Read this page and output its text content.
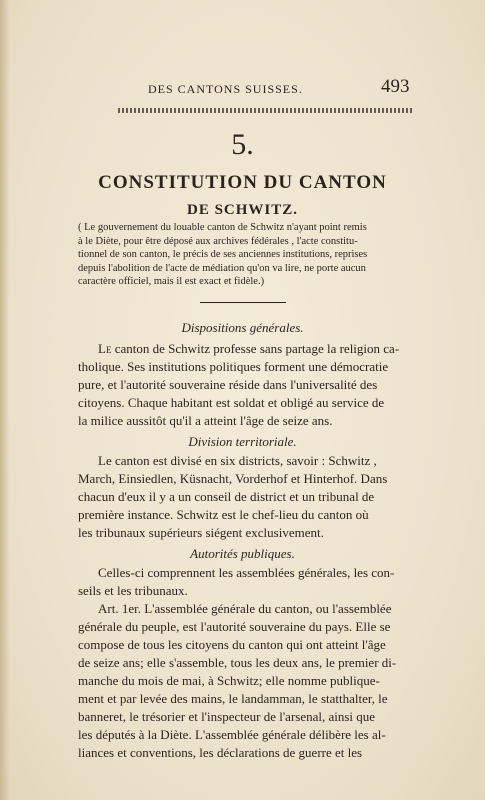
DES CANTONS SUISSES.	493
5.
CONSTITUTION DU CANTON
DE SCHWITZ.
( Le gouvernement du louable canton de Schwitz n'ayant point remis
à le Diète, pour être déposé aux archives fédérales , l'acte constitu-
tionnel de son canton, le précis de ses anciennes institutions, reprises
depuis l'abolition de l'acte de médiation qu'on va lire, ne porte aucun
caractère officiel, mais il est exact et fidèle.)
Dispositions générales.
Le canton de Schwitz professe sans partage la religion ca-
tholique. Ses institutions politiques forment une démocratie
pure, et l'autorité souveraine réside dans l'universalité des
citoyens. Chaque habitant est soldat et obligé au service de
la milice aussitôt qu'il a atteint l'âge de seize ans.
Division territoriale.
Le canton est divisé en six districts, savoir : Schwitz ,
March, Einsiedlen, Küsnacht, Vorderhof et Hinterhof. Dans
chacun d'eux il y a un conseil de district et un tribunal de
première instance. Schwitz est le chef-lieu du canton où
les tribunaux supérieurs siégent exclusivement.
Autorités publiques.
Celles-ci comprennent les assemblées générales, les con-
seils et les tribunaux.
Art. 1er. L'assemblée générale du canton, ou l'assemblée
générale du peuple, est l'autorité souveraine du pays. Elle se
compose de tous les citoyens du canton qui ont atteint l'âge
de seize ans; elle s'assemble, tous les deux ans, le premier di-
manche du mois de mai, à Schwitz; elle nomme publique-
ment et par levée des mains, le landamman, le statthalter, le
banneret, le trésorier et l'inspecteur de l'arsenal, ainsi que
les députés à la Diète. L'assemblée générale délibère les al-
liances et conventions, les déclarations de guerre et les
